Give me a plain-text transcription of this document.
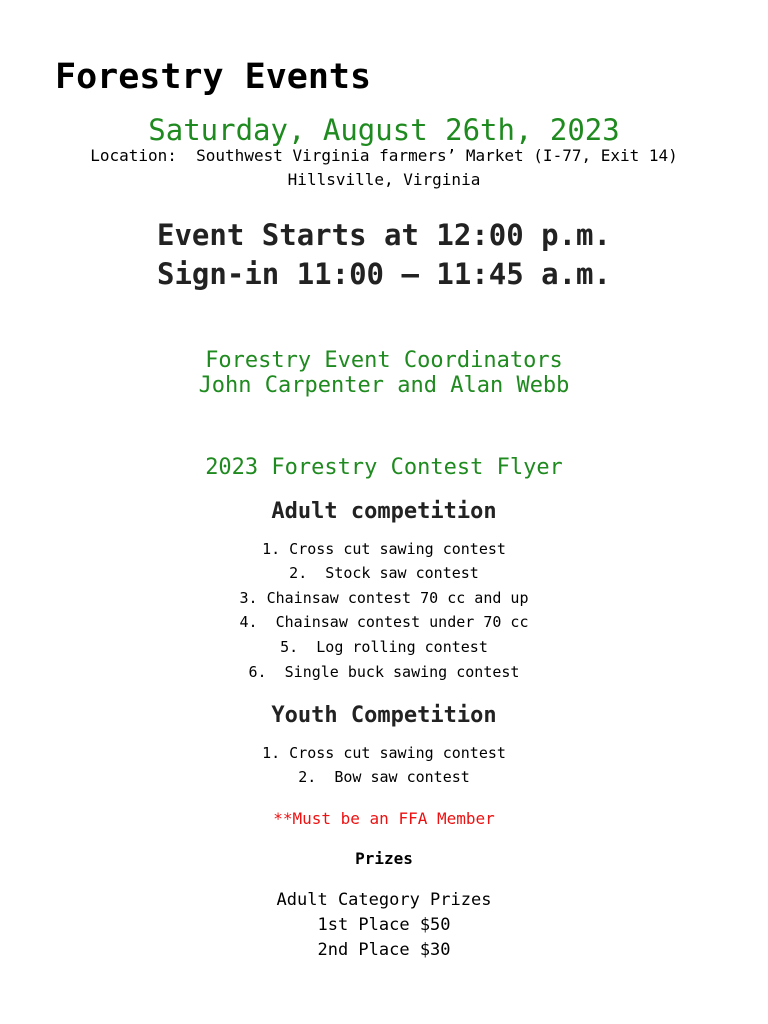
Forestry Events
Saturday, August 26th, 2023
Location:  Southwest Virginia farmers’ Market (I-77, Exit 14)
Hillsville, Virginia
Event Starts at 12:00 p.m.
Sign-in 11:00 – 11:45 a.m.
Forestry Event Coordinators
John Carpenter and Alan Webb
2023 Forestry Contest Flyer
Adult competition
1. Cross cut sawing contest
2.  Stock saw contest
3. Chainsaw contest 70 cc and up
4.  Chainsaw contest under 70 cc
5.  Log rolling contest
6.  Single buck sawing contest
Youth Competition
1. Cross cut sawing contest
2.  Bow saw contest
**Must be an FFA Member
Prizes
Adult Category Prizes
1st Place $50
2nd Place $30
